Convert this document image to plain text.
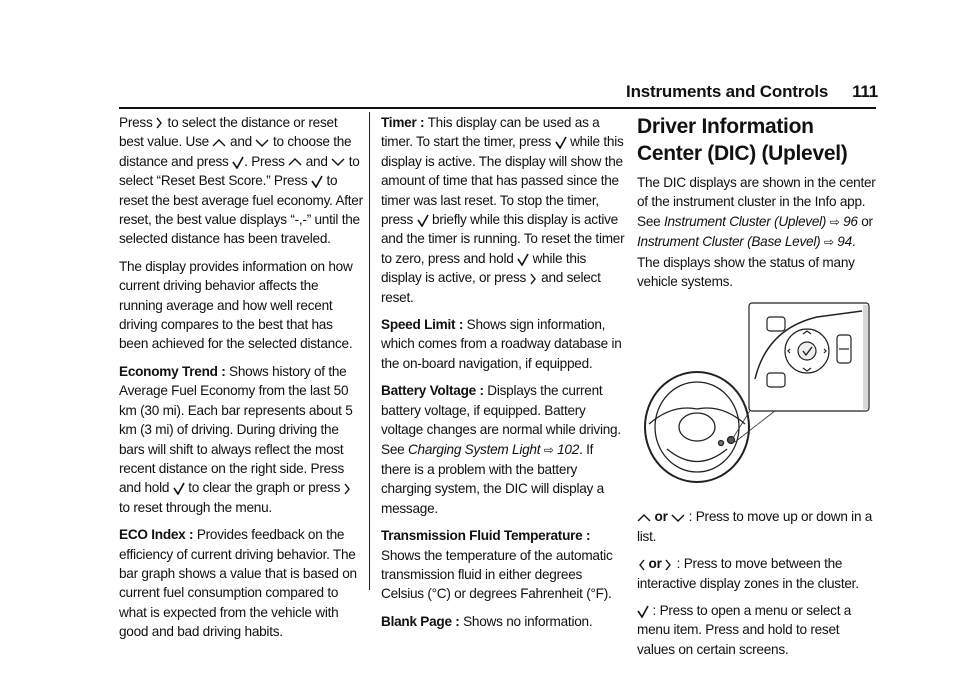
Instruments and Controls 111

Press
to select the distance or reset best value. Use
and
to choose the distance and press
. Press
and
to select “Reset Best Score.” Press
to reset the best average fuel economy. After reset, the best value displays “-,-” until the selected distance has been traveled.

The display provides information on how current driving behavior affects the running average and how well recent driving compares to the best that has been achieved for the selected distance.

Economy Trend : Shows history of the Average Fuel Economy from the last 50 km (30 mi). Each bar represents about 5 km (3 mi) of driving. During driving the bars will shift to always reflect the most recent distance on the right side. Press and hold
to clear the graph or press
to reset through the menu.

ECO Index : Provides feedback on the efficiency of current driving behavior. The bar graph shows a value that is based on current fuel consumption compared to what is expected from the vehicle with good and bad driving habits.

Timer : This display can be used as a timer. To start the timer, press
while this display is active. The display will show the amount of time that has passed since the timer was last reset. To stop the timer, press
briefly while this display is active and the timer is running. To reset the timer to zero, press and hold
while this display is active, or press
and select reset.

Speed Limit : Shows sign information, which comes from a roadway database in the on-board navigation, if equipped.

Battery Voltage : Displays the current battery voltage, if equipped. Battery voltage changes are normal while driving. See Charging System Light ⇨ 102. If there is a problem with the battery charging system, the DIC will display a message.

Transmission Fluid Temperature : Shows the temperature of the automatic transmission fluid in either degrees Celsius (°C) or degrees Fahrenheit (°F).

Blank Page : Shows no information.

Driver Information Center (DIC) (Uplevel)

The DIC displays are shown in the center of the instrument cluster in the Info app. See Instrument Cluster (Uplevel) ⇨ 96 or Instrument Cluster (Base Level) ⇨ 94. The displays show the status of many vehicle systems.

or
: Press to move up or down in a list.

or
: Press to move between the interactive display zones in the cluster.

: Press to open a menu or select a menu item. Press and hold to reset values on certain screens.
